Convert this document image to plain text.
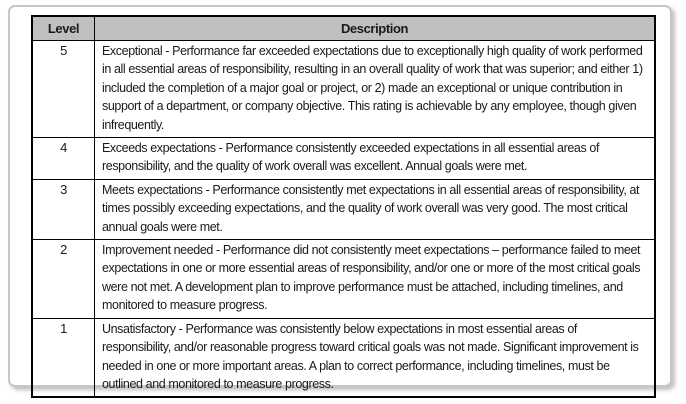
Level	Description
5	Exceptional - Performance far exceeded expectations due to exceptionally high quality of work performed in all essential areas of responsibility, resulting in an overall quality of work that was superior; and either 1) included the completion of a major goal or project, or 2) made an exceptional or unique contribution in support of a department, or company objective. This rating is achievable by any employee, though given infrequently.
4	Exceeds expectations - Performance consistently exceeded expectations in all essential areas of responsibility, and the quality of work overall was excellent. Annual goals were met.
3	Meets expectations - Performance consistently met expectations in all essential areas of responsibility, at times possibly exceeding expectations, and the quality of work overall was very good. The most critical annual goals were met.
2	Improvement needed - Performance did not consistently meet expectations – performance failed to meet expectations in one or more essential areas of responsibility, and/or one or more of the most critical goals were not met. A development plan to improve performance must be attached, including timelines, and monitored to measure progress.
1	Unsatisfactory - Performance was consistently below expectations in most essential areas of responsibility, and/or reasonable progress toward critical goals was not made. Significant improvement is needed in one or more important areas. A plan to correct performance, including timelines, must be outlined and monitored to measure progress.
